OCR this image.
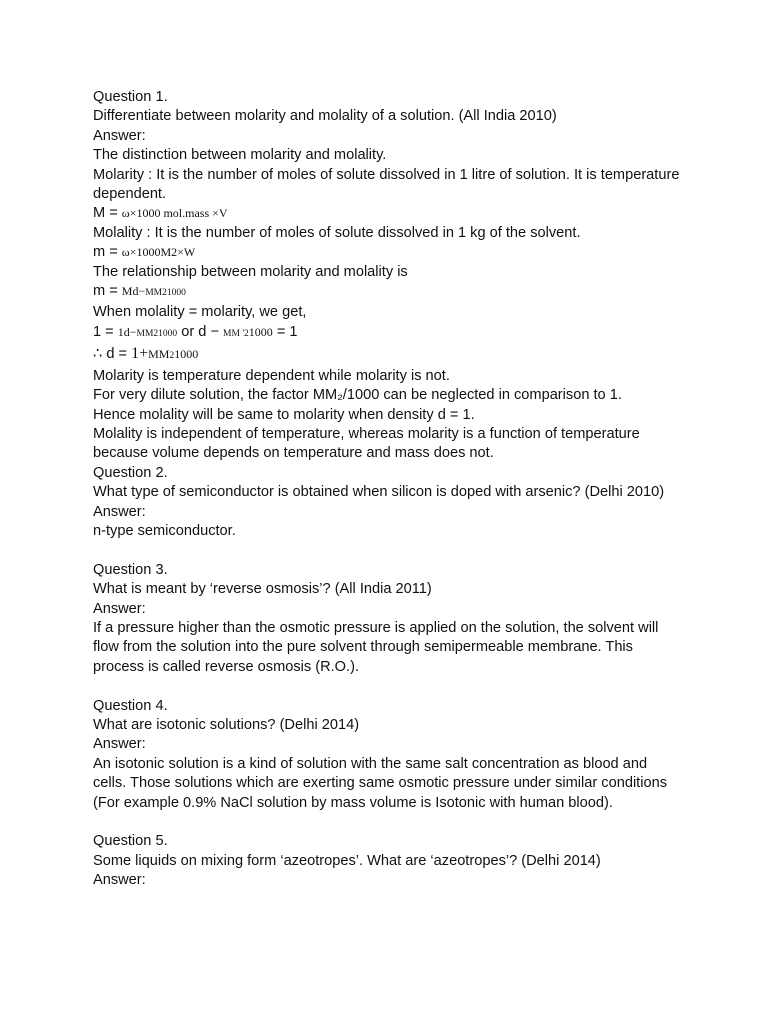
Question 1.
Differentiate between molarity and molality of a solution. (All India 2010)
Answer:
The distinction between molarity and molality.
Molarity : It is the number of moles of solute dissolved in 1 litre of solution. It is temperature dependent.
M = ω×1000 mol.mass ×V
Molality : It is the number of moles of solute dissolved in 1 kg of the solvent.
m = ω×1000M2×W
The relationship between molarity and molality is
m = Md−MM21000
When molality = molarity, we get,
1 = 1d−MM21000 or d − MM '21000 = 1
∴ d = 1+MM21000
Molarity is temperature dependent while molarity is not.
For very dilute solution, the factor MM₂/1000 can be neglected in comparison to 1.
Hence molality will be same to molarity when density d = 1.
Molality is independent of temperature, whereas molarity is a function of temperature because volume depends on temperature and mass does not.
Question 2.
What type of semiconductor is obtained when silicon is doped with arsenic? (Delhi 2010)
Answer:
n-type semiconductor.
Question 3.
What is meant by ‘reverse osmosis’? (All India 2011)
Answer:
If a pressure higher than the osmotic pressure is applied on the solution, the solvent will flow from the solution into the pure solvent through semipermeable membrane. This process is called reverse osmosis (R.O.).
Question 4.
What are isotonic solutions? (Delhi 2014)
Answer:
An isotonic solution is a kind of solution with the same salt concentration as blood and cells. Those solutions which are exerting same osmotic pressure under similar conditions (For example 0.9% NaCl solution by mass volume is Isotonic with human blood).
Question 5.
Some liquids on mixing form ‘azeotropes’. What are ‘azeotropes’? (Delhi 2014)
Answer:
